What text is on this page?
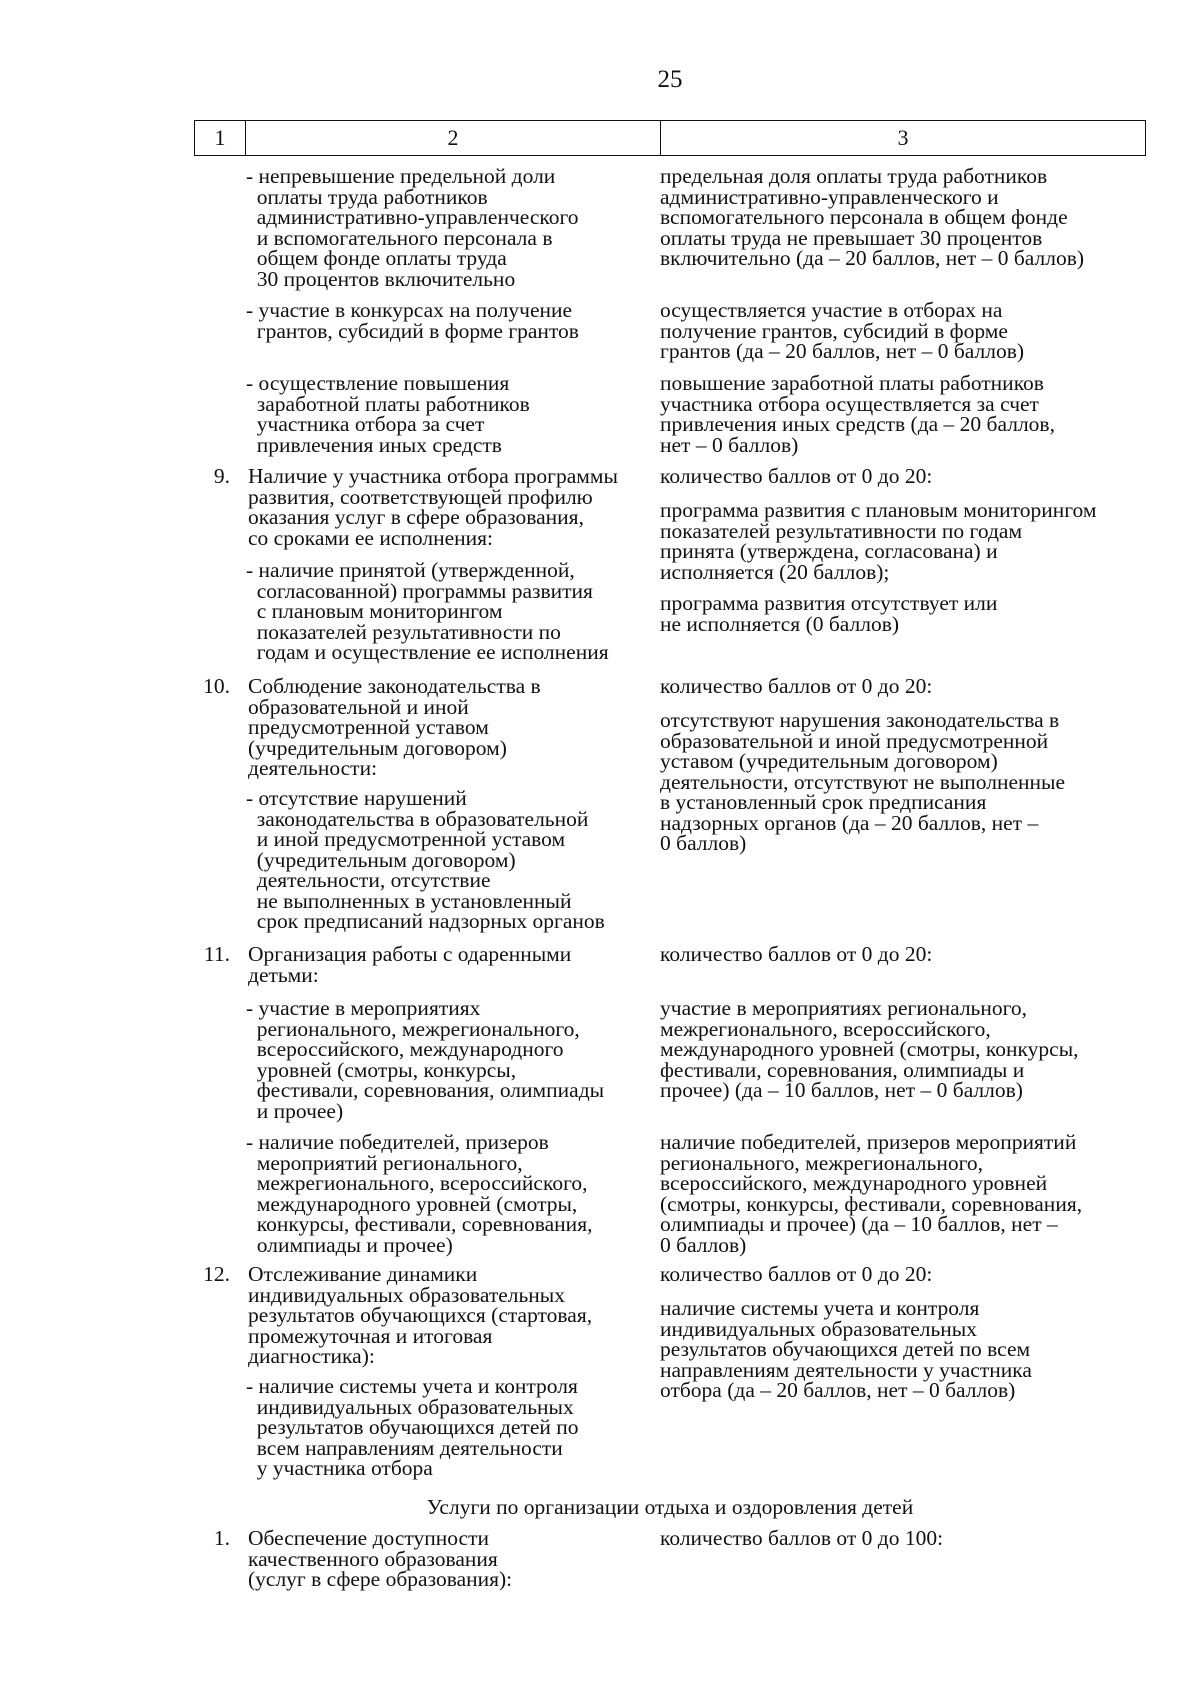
25
1	2	3
- непревышение предельной доли
оплаты труда работников
административно-управленческого
и вспомогательного персонала в
общем фонде оплаты труда
30 процентов включительно
предельная доля оплаты труда работников
административно-управленческого и
вспомогательного персонала в общем фонде
оплаты труда не превышает 30 процентов
включительно (да – 20 баллов, нет – 0 баллов)
- участие в конкурсах на получение
грантов, субсидий в форме грантов
осуществляется участие в отборах на
получение грантов, субсидий в форме
грантов (да – 20 баллов, нет – 0 баллов)
- осуществление повышения
заработной платы работников
участника отбора за счет
привлечения иных средств
повышение заработной платы работников
участника отбора осуществляется за счет
привлечения иных средств (да – 20 баллов,
нет – 0 баллов)
Наличие у участника отбора программы
развития, соответствующей профилю
оказания услуг в сфере образования,
со сроками ее исполнения:
количество баллов от 0 до 20:
программа развития с плановым мониторингом
показателей результативности по годам
принята (утверждена, согласована) и
исполняется (20 баллов);
- наличие принятой (утвержденной,
согласованной) программы развития
с плановым мониторингом
показателей результативности по
годам и осуществление ее исполнения
программа развития отсутствует или
не исполняется (0 баллов)
Соблюдение законодательства в
образовательной и иной
предусмотренной уставом
(учредительным договором)
деятельности:
количество баллов от 0 до 20:
отсутствуют нарушения законодательства в
образовательной и иной предусмотренной
уставом (учредительным договором)
деятельности, отсутствуют не выполненные
в установленный срок предписания
надзорных органов (да – 20 баллов, нет –
0 баллов)
- отсутствие нарушений
законодательства в образовательной
и иной предусмотренной уставом
(учредительным договором)
деятельности, отсутствие
не выполненных в установленный
срок предписаний надзорных органов
Организация работы с одаренными
детьми:
количество баллов от 0 до 20:
- участие в мероприятиях
регионального, межрегионального,
всероссийского, международного
уровней (смотры, конкурсы,
фестивали, соревнования, олимпиады
и прочее)
участие в мероприятиях регионального,
межрегионального, всероссийского,
международного уровней (смотры, конкурсы,
фестивали, соревнования, олимпиады и
прочее) (да – 10 баллов, нет – 0 баллов)
- наличие победителей, призеров
мероприятий регионального,
межрегионального, всероссийского,
международного уровней (смотры,
конкурсы, фестивали, соревнования,
олимпиады и прочее)
наличие победителей, призеров мероприятий
регионального, межрегионального,
всероссийского, международного уровней
(смотры, конкурсы, фестивали, соревнования,
олимпиады и прочее) (да – 10 баллов, нет –
0 баллов)
Отслеживание динамики
индивидуальных образовательных
результатов обучающихся (стартовая,
промежуточная и итоговая
диагностика):
количество баллов от 0 до 20:
наличие системы учета и контроля
индивидуальных образовательных
результатов обучающихся детей по всем
направлениям деятельности у участника
отбора (да – 20 баллов, нет – 0 баллов)
- наличие системы учета и контроля
индивидуальных образовательных
результатов обучающихся детей по
всем направлениям деятельности
у участника отбора
Обеспечение доступности
качественного образования
(услуг в сфере образования):
количество баллов от 0 до 100:
9.
10.
11.
12.
1.
Услуги по организации отдыха и оздоровления детей
